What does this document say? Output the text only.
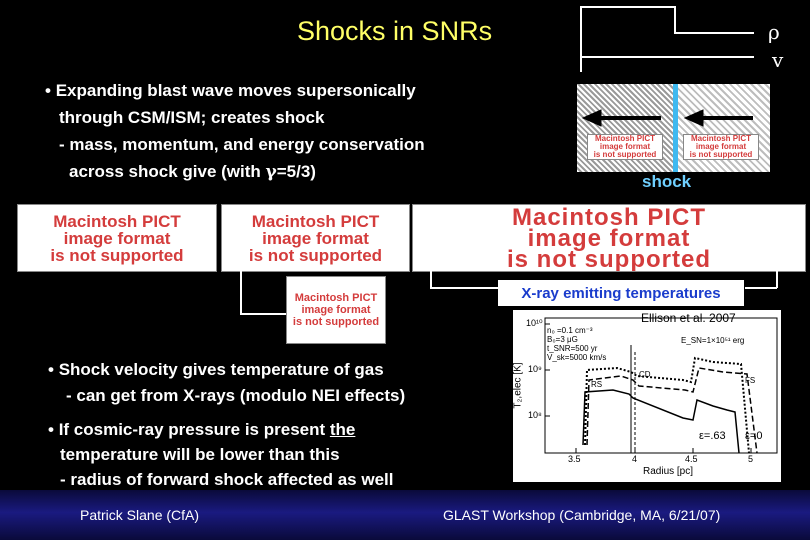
Shocks in SNRs	ρ
v
Macintosh PICT
image format
is not supported
Macintosh PICT
image format
is not supported
shock
• Expanding blast wave moves supersonically
through CSM/ISM; creates shock
- mass, momentum, and energy conservation
across shock give (with γ=5/3)
Macintosh PICT
image format
is not supported
Macintosh PICT
image format
is not supported
Macintosh PICT
image format
is not supported
Macintosh PICT
image format
is not supported
X-ray emitting temperatures
Ellison et al. 2007
T₂,elec [K]
10¹⁰
10⁹
10⁸
3.5	4	4.5	5
Radius [pc]
n₀ =0.1 cm⁻³
B₀=3 μG
t_SNR=500 yr
V_sk=5000 km/s
E_SN=1×10⁵¹ erg
RS
CD
FS
ε=.63 ε=0
• Shock velocity gives temperature of gas
- can get from X-rays (modulo NEI effects)
• If cosmic-ray pressure is present the
temperature will be lower than this
- radius of forward shock affected as well
Patrick Slane (CfA)	GLAST Workshop (Cambridge, MA, 6/21/07)
